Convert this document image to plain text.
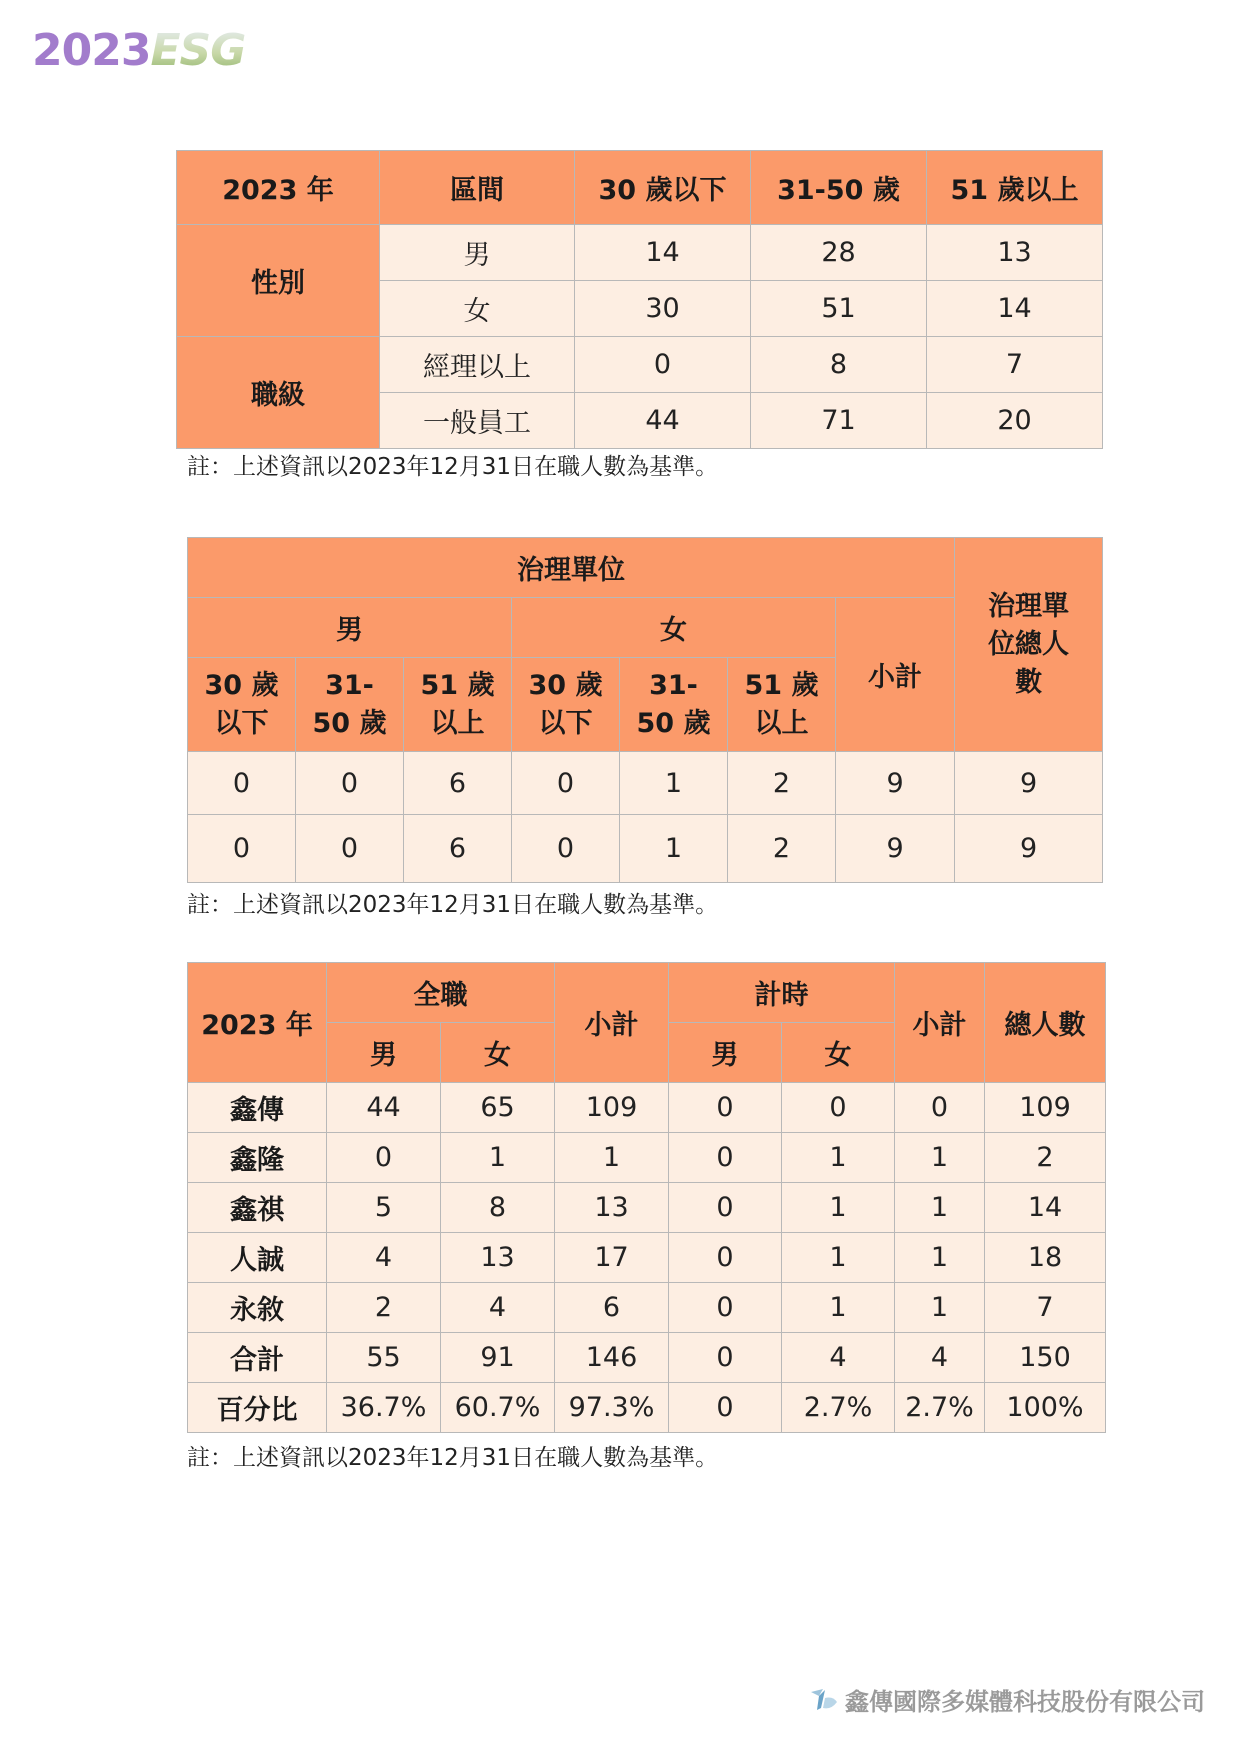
2023ESG
2023 年	區間	30 歲以下	31-50 歲	51 歲以上
性別	男	14	28	13
	女	30	51	14
職級	經理以上	0	8	7
	一般員工	44	71	20
註：上述資訊以2023年12月31日在職人數為基準。
治理單位							治理單位總人數
男			女			小計	
30 歲以下	31-50 歲	51 歲以上	30 歲以下	31-50 歲	51 歲以上		
0	0	6	0	1	2	9	9
0	0	6	0	1	2	9	9
註：上述資訊以2023年12月31日在職人數為基準。
2023 年	全職		小計	計時		小計	總人數
	男	女		男	女		
鑫傳	44	65	109	0	0	0	109
鑫隆	0	1	1	0	1	1	2
鑫祺	5	8	13	0	1	1	14
人誠	4	13	17	0	1	1	18
永敘	2	4	6	0	1	1	7
合計	55	91	146	0	4	4	150
百分比	36.7%	60.7%	97.3%	0	2.7%	2.7%	100%
註：上述資訊以2023年12月31日在職人數為基準。
鑫傳國際多媒體科技股份有限公司
